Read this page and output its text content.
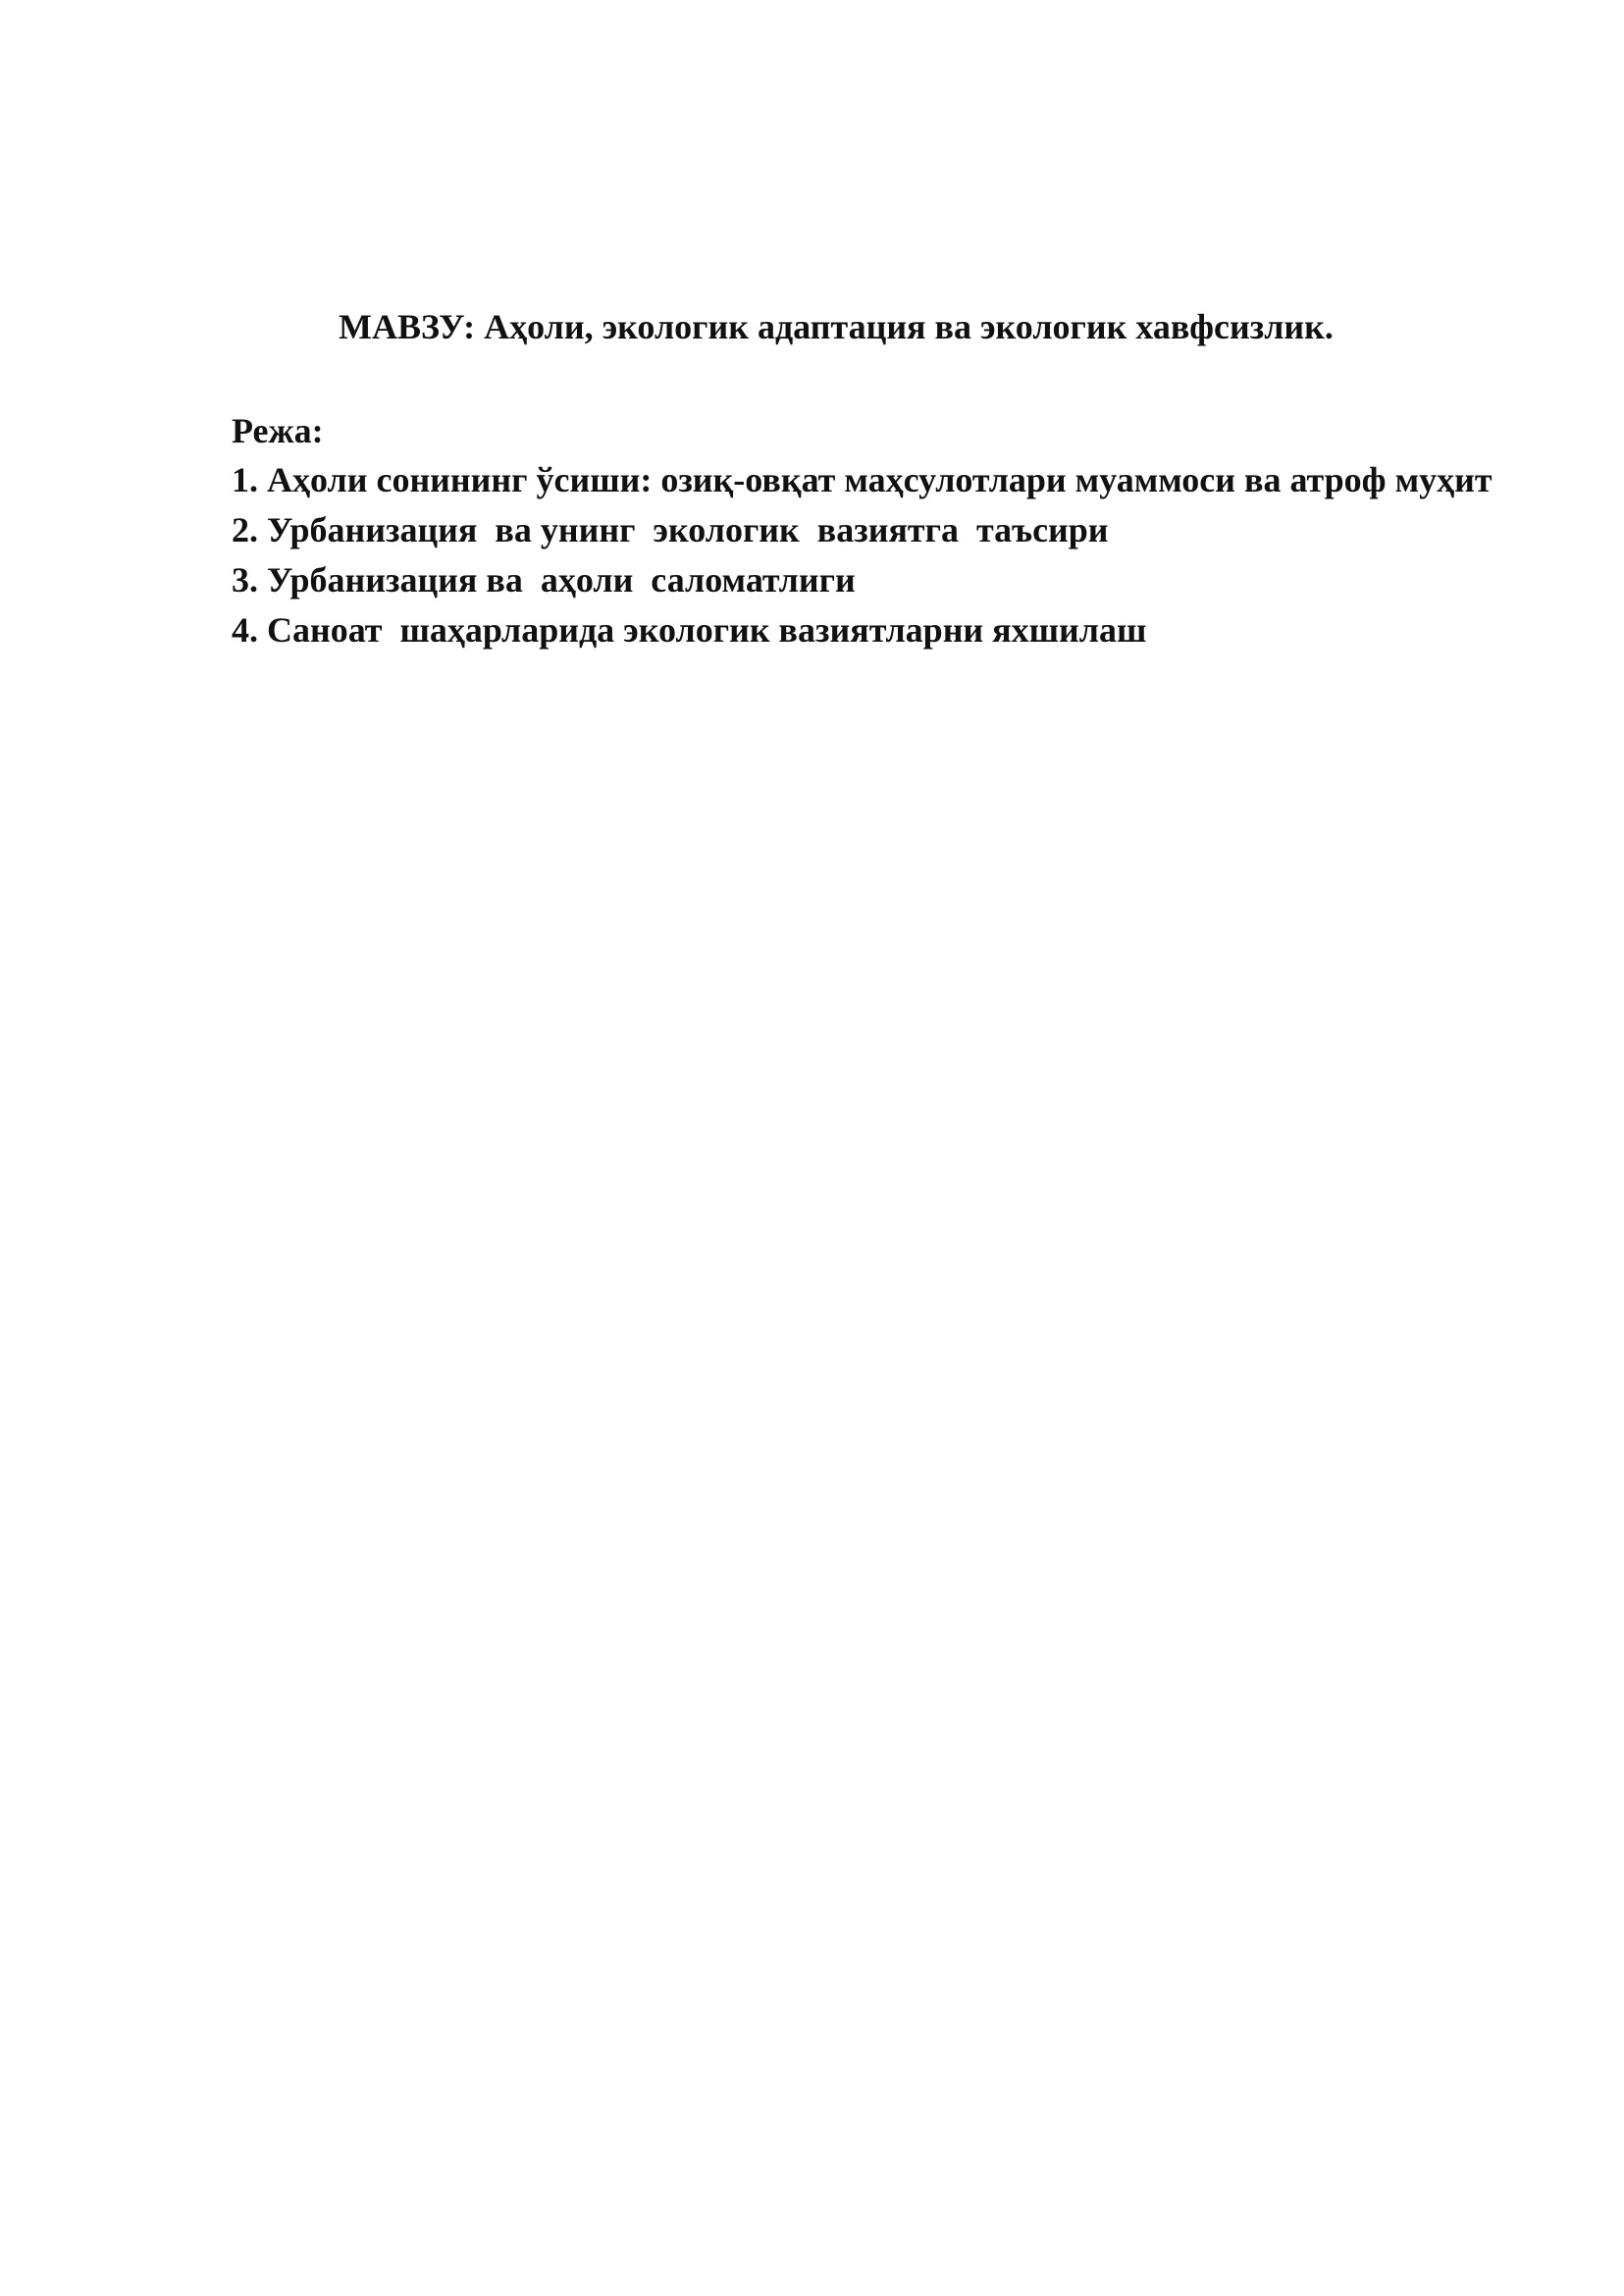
МАВЗУ: Аҳоли, экологик адаптация ва экологик хавфсизлик.
Режа:
1. Аҳоли сонининг ўсиши: озиқ-овқат маҳсулотлари муаммоси ва атроф муҳит
2. Урбанизация  ва унинг  экологик  вазиятга  таъсири
3. Урбанизация ва  аҳоли  саломатлиги
4. Саноат  шаҳарларида экологик вазиятларни яхшилаш
